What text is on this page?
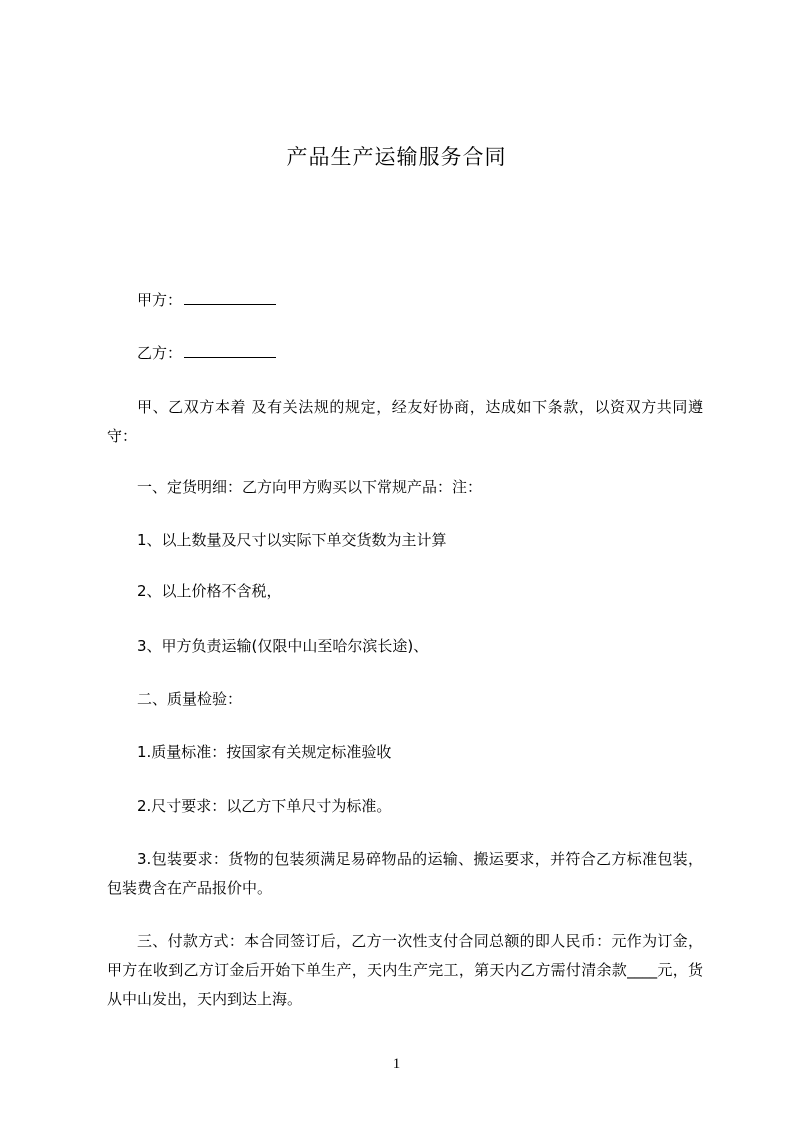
产品生产运输服务合同
甲方：
乙方：
甲、乙双方本着 及有关法规的规定，经友好协商，达成如下条款，以资双方共同遵守：
一、定货明细：乙方向甲方购买以下常规产品：注：
1、以上数量及尺寸以实际下单交货数为主计算
2、以上价格不含税，
3、甲方负责运输(仅限中山至哈尔滨长途)、
二、质量检验：
1.质量标准：按国家有关规定标准验收
2.尺寸要求：以乙方下单尺寸为标准。
3.包装要求：货物的包装须满足易碎物品的运输、搬运要求，并符合乙方标准包装，包装费含在产品报价中。
三、付款方式：本合同签订后，乙方一次性支付合同总额的即人民币：元作为订金，甲方在收到乙方订金后开始下单生产，天内生产完工，第天内乙方需付清余款____元，货从中山发出，天内到达上海。
1
